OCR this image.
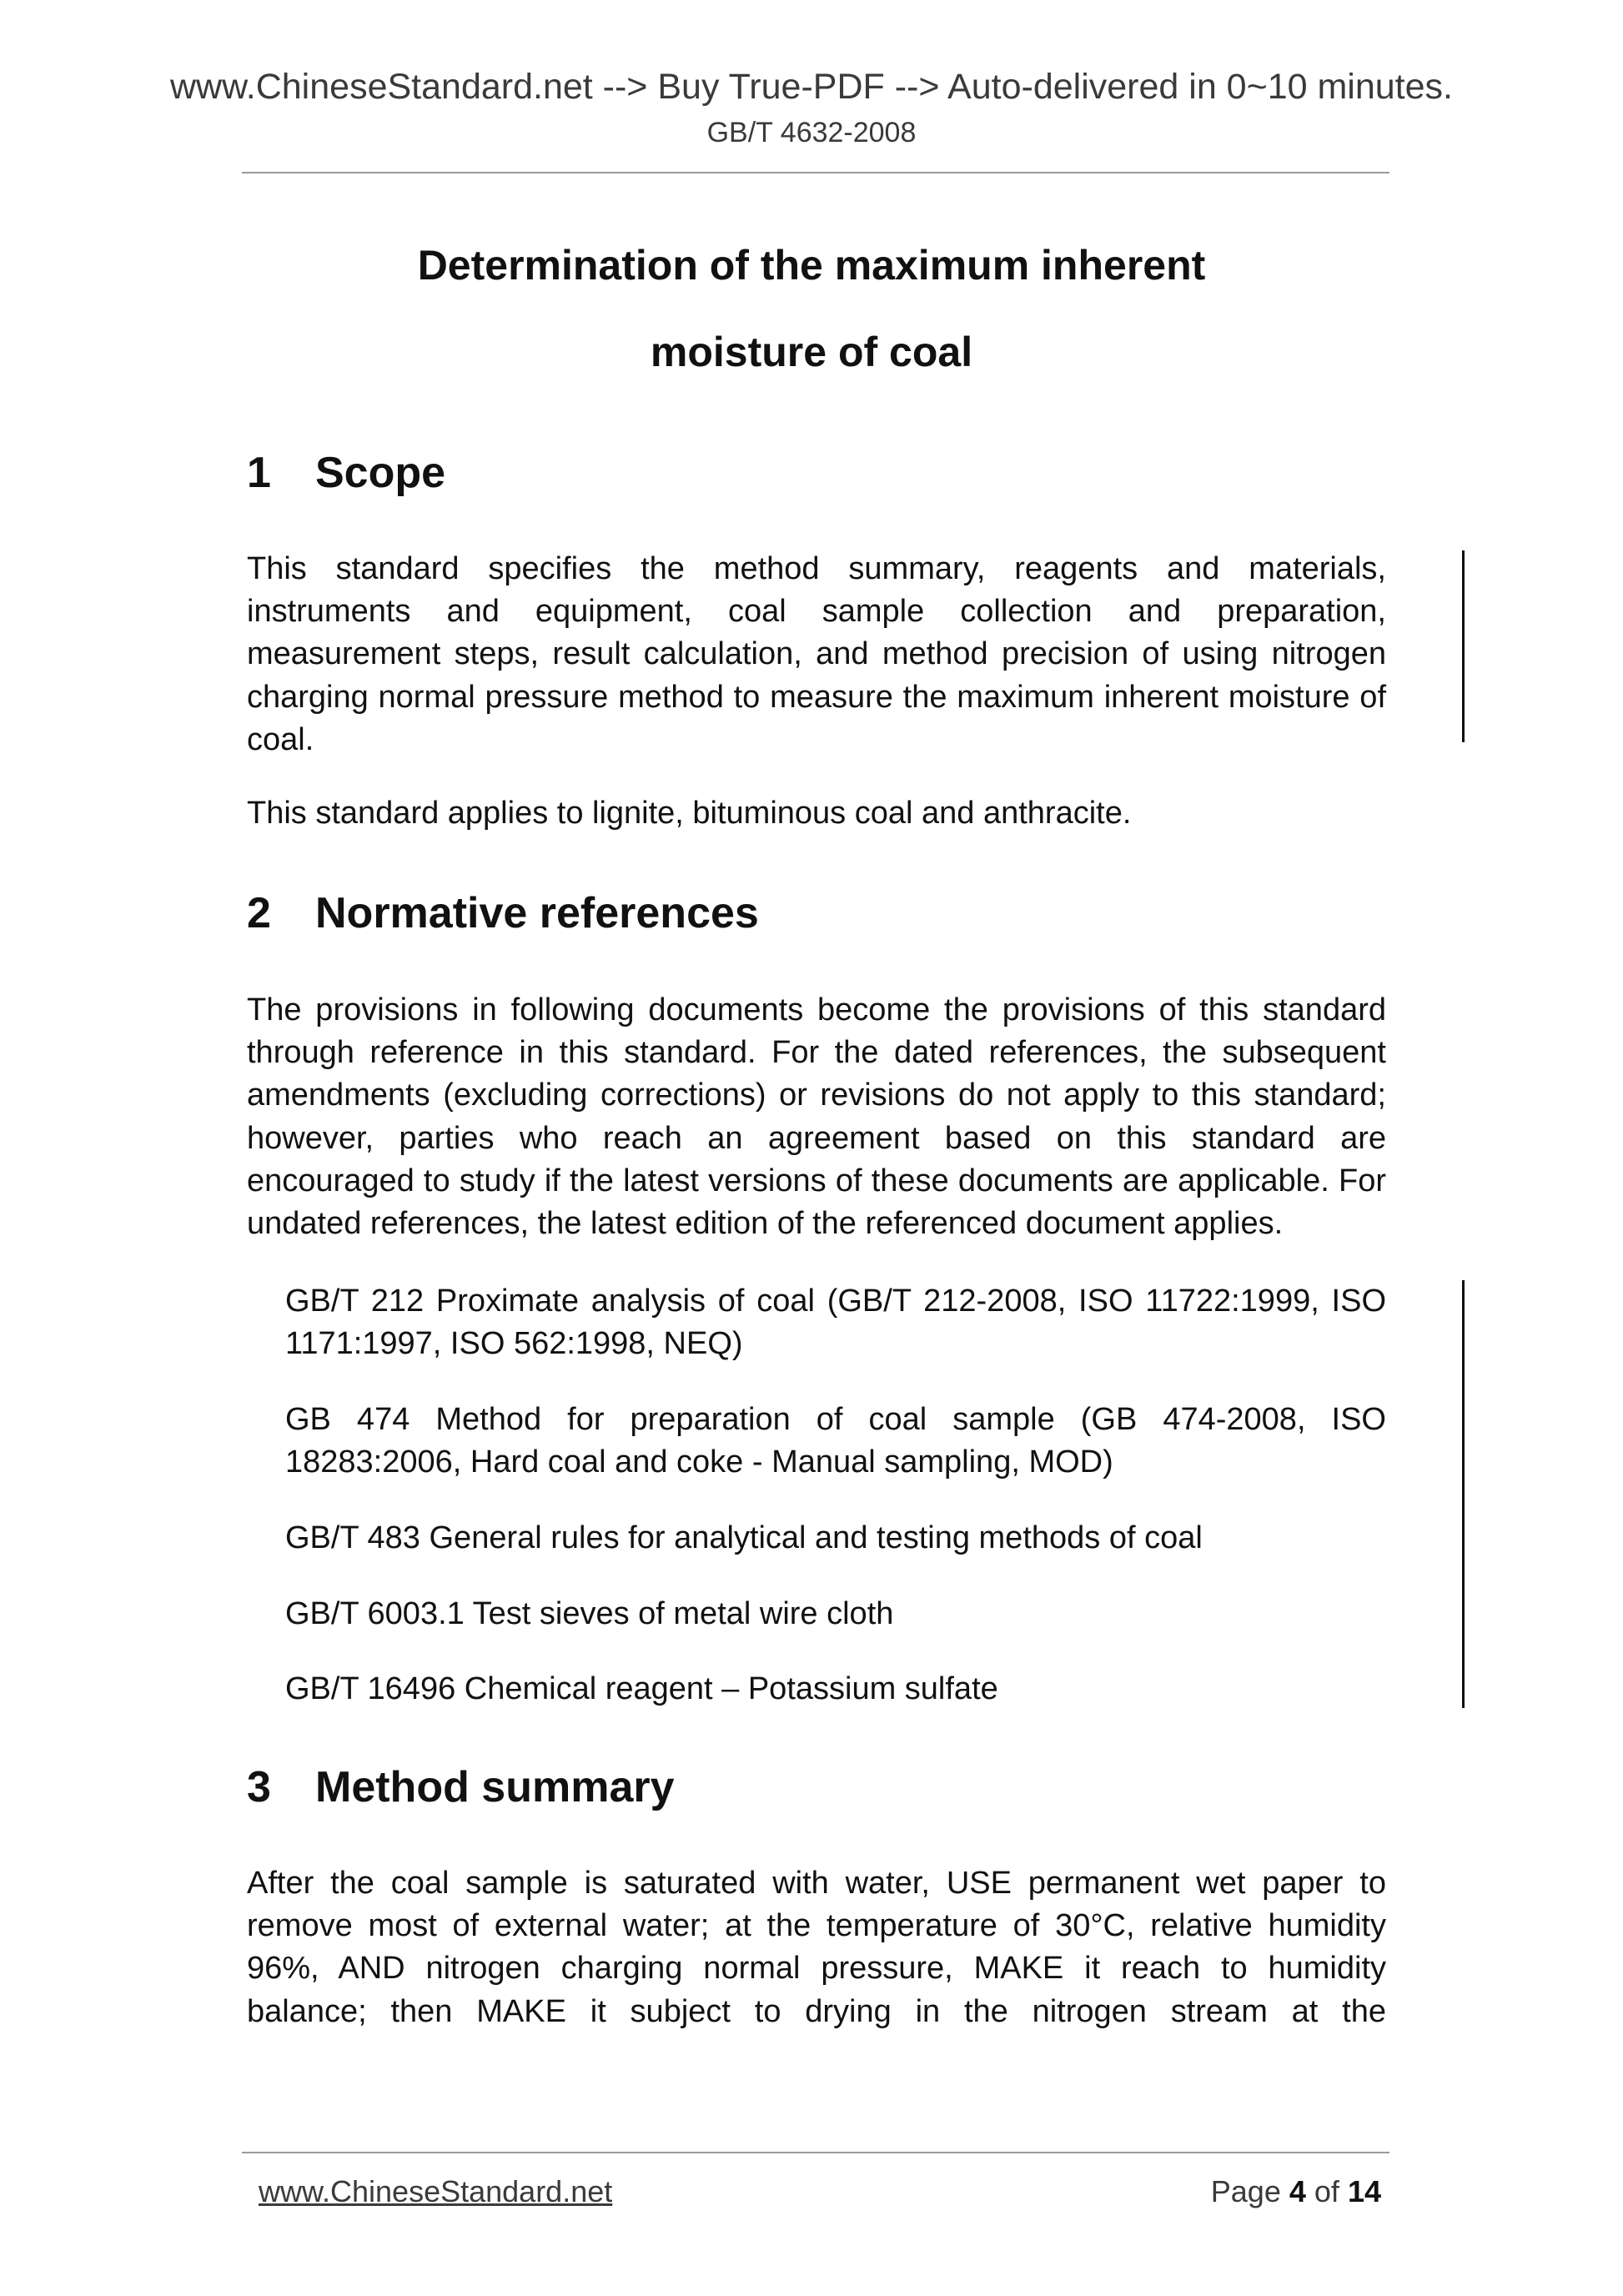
www.ChineseStandard.net --> Buy True-PDF --> Auto-delivered in 0~10 minutes.
GB/T 4632-2008
Determination of the maximum inherent
moisture of coal
1 Scope
This standard specifies the method summary, reagents and materials, instruments and equipment, coal sample collection and preparation, measurement steps, result calculation, and method precision of using nitrogen charging normal pressure method to measure the maximum inherent moisture of coal.
This standard applies to lignite, bituminous coal and anthracite.
2 Normative references
The provisions in following documents become the provisions of this standard through reference in this standard. For the dated references, the subsequent amendments (excluding corrections) or revisions do not apply to this standard; however, parties who reach an agreement based on this standard are encouraged to study if the latest versions of these documents are applicable. For undated references, the latest edition of the referenced document applies.
GB/T 212 Proximate analysis of coal (GB/T 212-2008, ISO 11722:1999, ISO 1171:1997, ISO 562:1998, NEQ)
GB 474 Method for preparation of coal sample (GB 474-2008, ISO 18283:2006, Hard coal and coke - Manual sampling, MOD)
GB/T 483 General rules for analytical and testing methods of coal
GB/T 6003.1 Test sieves of metal wire cloth
GB/T 16496 Chemical reagent – Potassium sulfate
3 Method summary
After the coal sample is saturated with water, USE permanent wet paper to remove most of external water; at the temperature of 30°C, relative humidity 96%, AND nitrogen charging normal pressure, MAKE it reach to humidity balance; then MAKE it subject to drying in the nitrogen stream at the
www.ChineseStandard.net	Page 4 of 14
